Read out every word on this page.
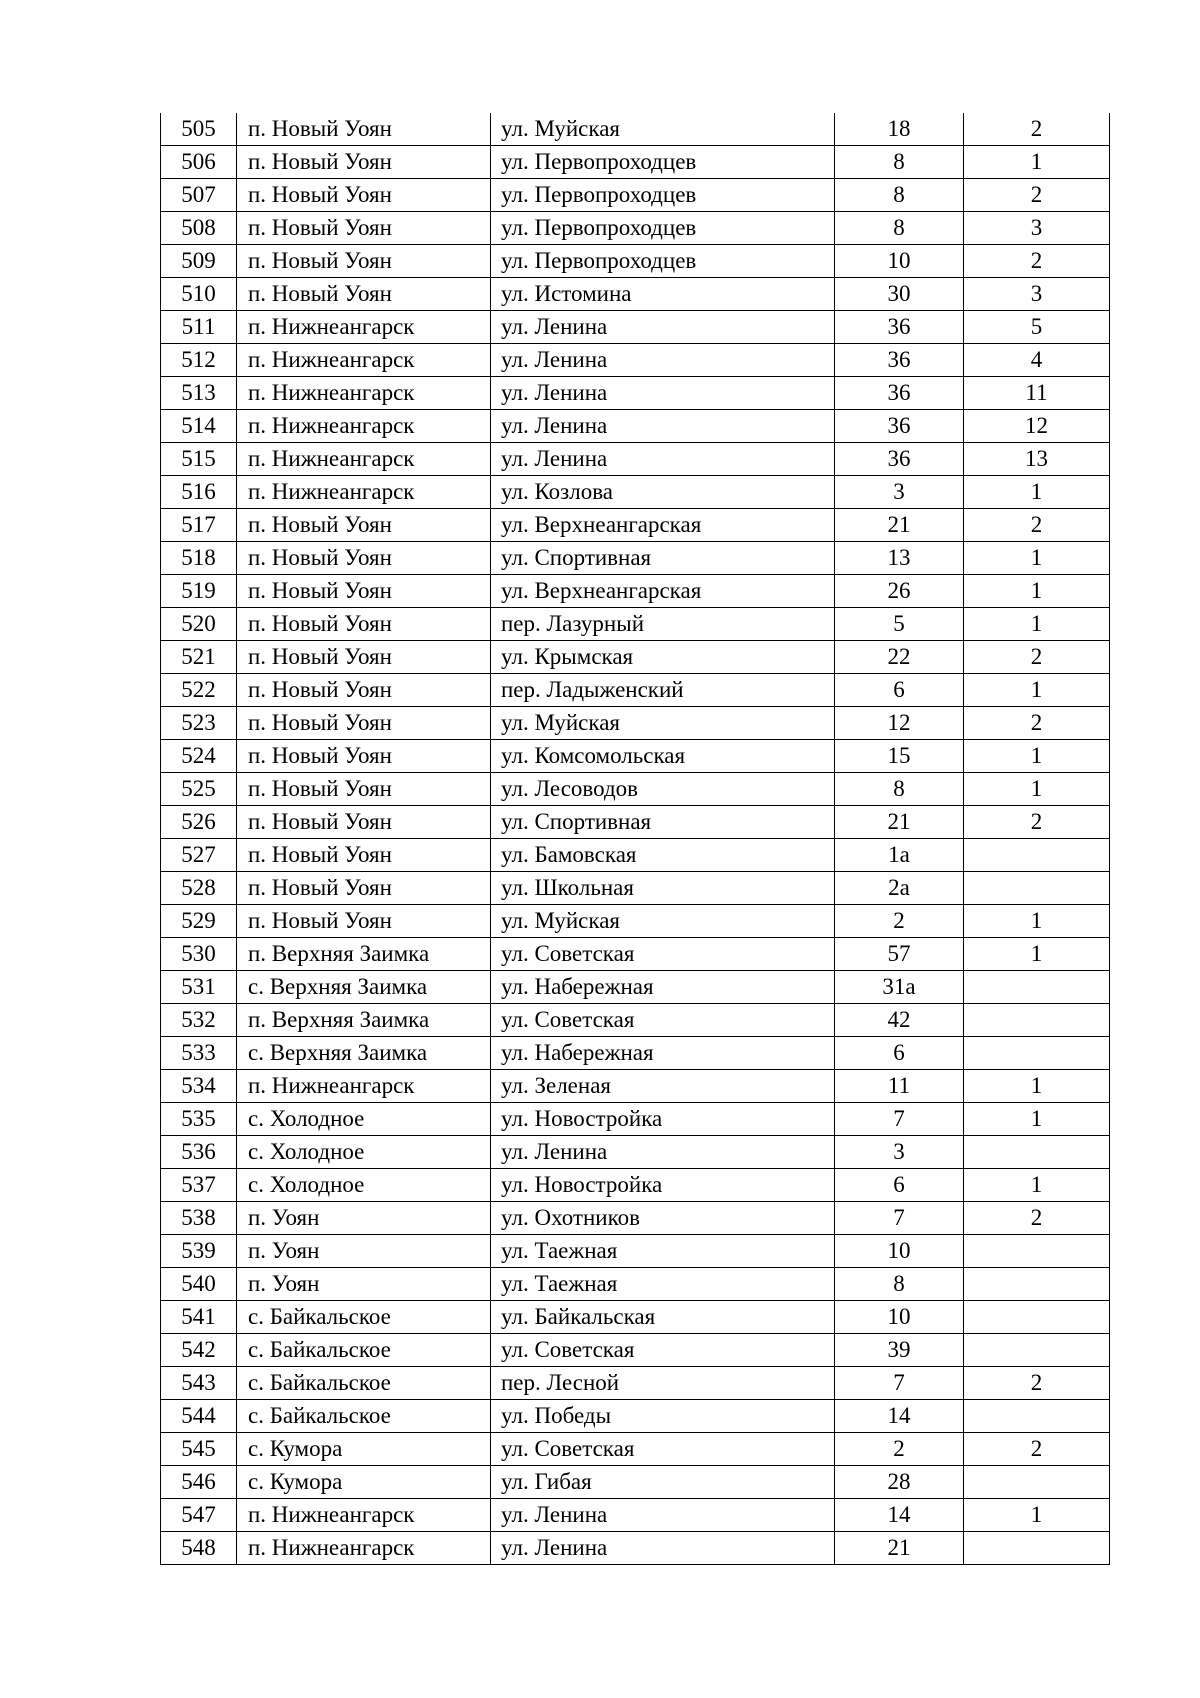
505	п. Новый Уоян	ул. Муйская	18	2
506	п. Новый Уоян	ул. Первопроходцев	8	1
507	п. Новый Уоян	ул. Первопроходцев	8	2
508	п. Новый Уоян	ул. Первопроходцев	8	3
509	п. Новый Уоян	ул. Первопроходцев	10	2
510	п. Новый Уоян	ул. Истомина	30	3
511	п. Нижнеангарск	ул. Ленина	36	5
512	п. Нижнеангарск	ул. Ленина	36	4
513	п. Нижнеангарск	ул. Ленина	36	11
514	п. Нижнеангарск	ул. Ленина	36	12
515	п. Нижнеангарск	ул. Ленина	36	13
516	п. Нижнеангарск	ул. Козлова	3	1
517	п. Новый Уоян	ул. Верхнеангарская	21	2
518	п. Новый Уоян	ул. Спортивная	13	1
519	п. Новый Уоян	ул. Верхнеангарская	26	1
520	п. Новый Уоян	пер. Лазурный	5	1
521	п. Новый Уоян	ул. Крымская	22	2
522	п. Новый Уоян	пер. Ладыженский	6	1
523	п. Новый Уоян	ул. Муйская	12	2
524	п. Новый Уоян	ул. Комсомольская	15	1
525	п. Новый Уоян	ул. Лесоводов	8	1
526	п. Новый Уоян	ул. Спортивная	21	2
527	п. Новый Уоян	ул. Бамовская	1а	
528	п. Новый Уоян	ул. Школьная	2а	
529	п. Новый Уоян	ул. Муйская	2	1
530	п. Верхняя Заимка	ул. Советская	57	1
531	с. Верхняя Заимка	ул. Набережная	31а	
532	п. Верхняя Заимка	ул. Советская	42	
533	с. Верхняя Заимка	ул. Набережная	6	
534	п. Нижнеангарск	ул. Зеленая	11	1
535	с. Холодное	ул. Новостройка	7	1
536	с. Холодное	ул. Ленина	3	
537	с. Холодное	ул. Новостройка	6	1
538	п. Уоян	ул. Охотников	7	2
539	п. Уоян	ул. Таежная	10	
540	п. Уоян	ул. Таежная	8	
541	с. Байкальское	ул. Байкальская	10	
542	с. Байкальское	ул. Советская	39	
543	с. Байкальское	пер. Лесной	7	2
544	с. Байкальское	ул. Победы	14	
545	с. Кумора	ул. Советская	2	2
546	с. Кумора	ул. Гибая	28	
547	п. Нижнеангарск	ул. Ленина	14	1
548	п. Нижнеангарск	ул. Ленина	21	
